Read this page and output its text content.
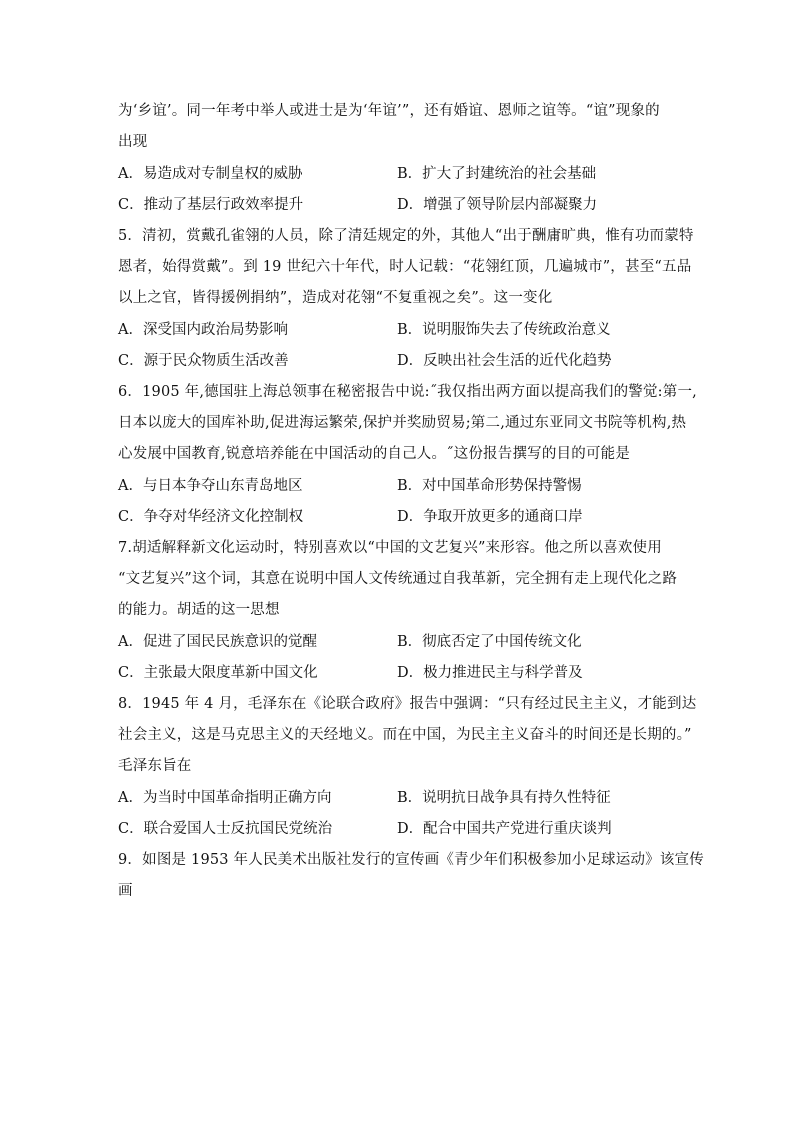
为‘乡谊’。同一年考中举人或进士是为‘年谊’”，还有婚谊、恩师之谊等。“谊”现象的
出现
A．易造成对专制皇权的威胁	B．扩大了封建统治的社会基础
C．推动了基层行政效率提升	D．增强了领导阶层内部凝聚力
5．清初，赏戴孔雀翎的人员，除了清廷规定的外，其他人“出于酬庸旷典，惟有功而蒙特
恩者，始得赏戴”。到 19 世纪六十年代，时人记载：“花翎红顶，几遍城市”，甚至“五品
以上之官，皆得援例捐纳”，造成对花翎“不复重视之矣”。这一变化
A．深受国内政治局势影响	B．说明服饰失去了传统政治意义
C．源于民众物质生活改善	D．反映出社会生活的近代化趋势
6．1905 年,德国驻上海总领事在秘密报告中说:˝我仅指出两方面以提高我们的警觉:第一,
日本以庞大的国库补助,促进海运繁荣,保护并奖励贸易;第二,通过东亚同文书院等机构,热
心发展中国教育,锐意培养能在中国活动的自己人。˝这份报告撰写的目的可能是
A．与日本争夺山东青岛地区	B．对中国革命形势保持警惕
C．争夺对华经济文化控制权	D．争取开放更多的通商口岸
7.胡适解释新文化运动时，特别喜欢以“中国的文艺复兴”来形容。他之所以喜欢使用
“文艺复兴”这个词，其意在说明中国人文传统通过自我革新，完全拥有走上现代化之路
的能力。胡适的这一思想
A．促进了国民民族意识的觉醒	B．彻底否定了中国传统文化
C．主张最大限度革新中国文化	D．极力推进民主与科学普及
8．1945 年 4 月，毛泽东在《论联合政府》报告中强调：“只有经过民主主义，才能到达
社会主义，这是马克思主义的天经地义。而在中国，为民主主义奋斗的时间还是长期的。”
毛泽东旨在
A．为当时中国革命指明正确方向	B．说明抗日战争具有持久性特征
C．联合爱国人士反抗国民党统治	D．配合中国共产党进行重庆谈判
9．如图是 1953 年人民美术出版社发行的宣传画《青少年们积极参加小足球运动》该宣传
画
